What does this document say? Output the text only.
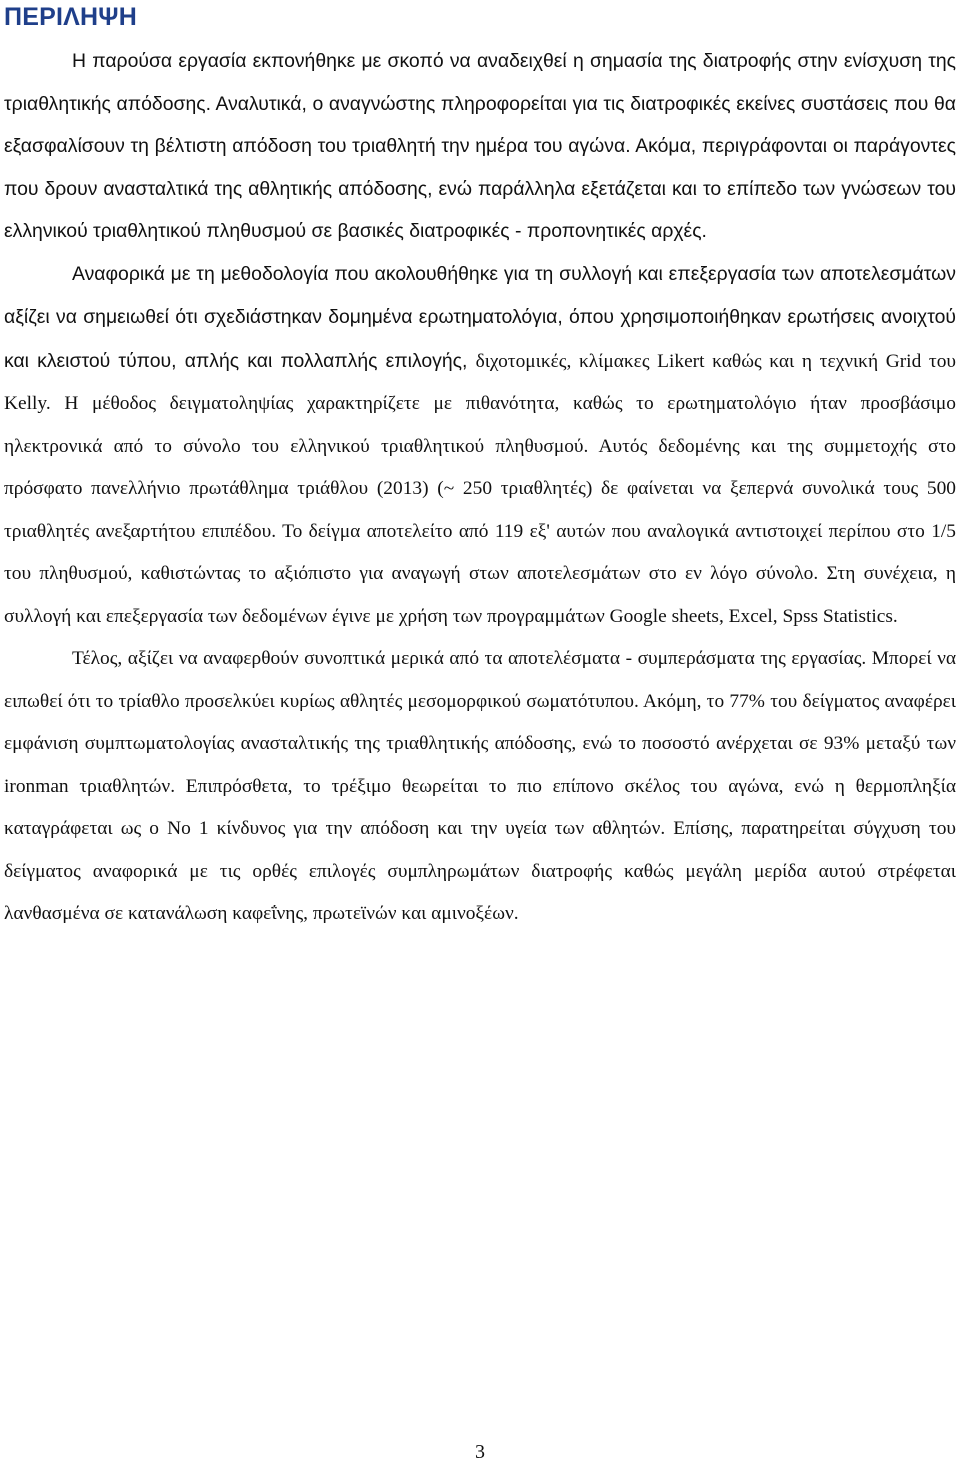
ΠΕΡΙΛΗΨΗ

Η παρούσα εργασία εκπονήθηκε με σκοπό να αναδειχθεί η σημασία της διατροφής στην ενίσχυση της τριαθλητικής απόδοσης. Αναλυτικά, ο αναγνώστης πληροφορείται για τις διατροφικές εκείνες συστάσεις που θα εξασφαλίσουν τη βέλτιστη απόδοση του τριαθλητή την ημέρα του αγώνα. Ακόμα, περιγράφονται οι παράγοντες που δρουν ανασταλτικά της αθλητικής απόδοσης, ενώ παράλληλα εξετάζεται και το επίπεδο των γνώσεων του ελληνικού τριαθλητικού πληθυσμού σε βασικές διατροφικές - προπονητικές αρχές.

Αναφορικά με τη μεθοδολογία που ακολουθήθηκε για τη συλλογή και επεξεργασία των αποτελεσμάτων αξίζει να σημειωθεί ότι σχεδιάστηκαν δομημένα ερωτηματολόγια, όπου χρησιμοποιήθηκαν ερωτήσεις ανοιχτού και κλειστού τύπου, απλής και πολλαπλής επιλογής, διχοτομικές, κλίμακες Likert καθώς και η τεχνική Grid του Kelly. Η μέθοδος δειγματοληψίας χαρακτηρίζετε με πιθανότητα, καθώς το ερωτηματολόγιο ήταν προσβάσιμο ηλεκτρονικά από το σύνολο του ελληνικού τριαθλητικού πληθυσμού. Αυτός δεδομένης και της συμμετοχής στο πρόσφατο πανελλήνιο πρωτάθλημα τριάθλου (2013) (~ 250 τριαθλητές) δε φαίνεται να ξεπερνά συνολικά τους 500 τριαθλητές ανεξαρτήτου επιπέδου. Το δείγμα αποτελείτο από 119 εξ' αυτών που αναλογικά αντιστοιχεί περίπου στο 1/5 του πληθυσμού, καθιστώντας το αξιόπιστο για αναγωγή στων αποτελεσμάτων στο εν λόγο σύνολο. Στη συνέχεια, η συλλογή και επεξεργασία των δεδομένων έγινε με χρήση των προγραμμάτων Google sheets, Excel, Spss Statistics.

Τέλος, αξίζει να αναφερθούν συνοπτικά μερικά από τα αποτελέσματα - συμπεράσματα της εργασίας. Μπορεί να ειπωθεί ότι το τρίαθλο προσελκύει κυρίως αθλητές μεσομορφικού σωματότυπου. Ακόμη, το 77% του δείγματος αναφέρει εμφάνιση συμπτωματολογίας ανασταλτικής της τριαθλητικής απόδοσης, ενώ το ποσοστό ανέρχεται σε 93% μεταξύ των ironman τριαθλητών. Επιπρόσθετα, το τρέξιμο θεωρείται το πιο επίπονο σκέλος του αγώνα, ενώ η θερμοπληξία καταγράφεται ως ο No 1 κίνδυνος για την απόδοση και την υγεία των αθλητών. Επίσης, παρατηρείται σύγχυση του δείγματος αναφορικά με τις ορθές επιλογές συμπληρωμάτων διατροφής καθώς μεγάλη μερίδα αυτού στρέφεται λανθασμένα σε κατανάλωση καφεΐνης, πρωτεϊνών και αμινοξέων.

3
